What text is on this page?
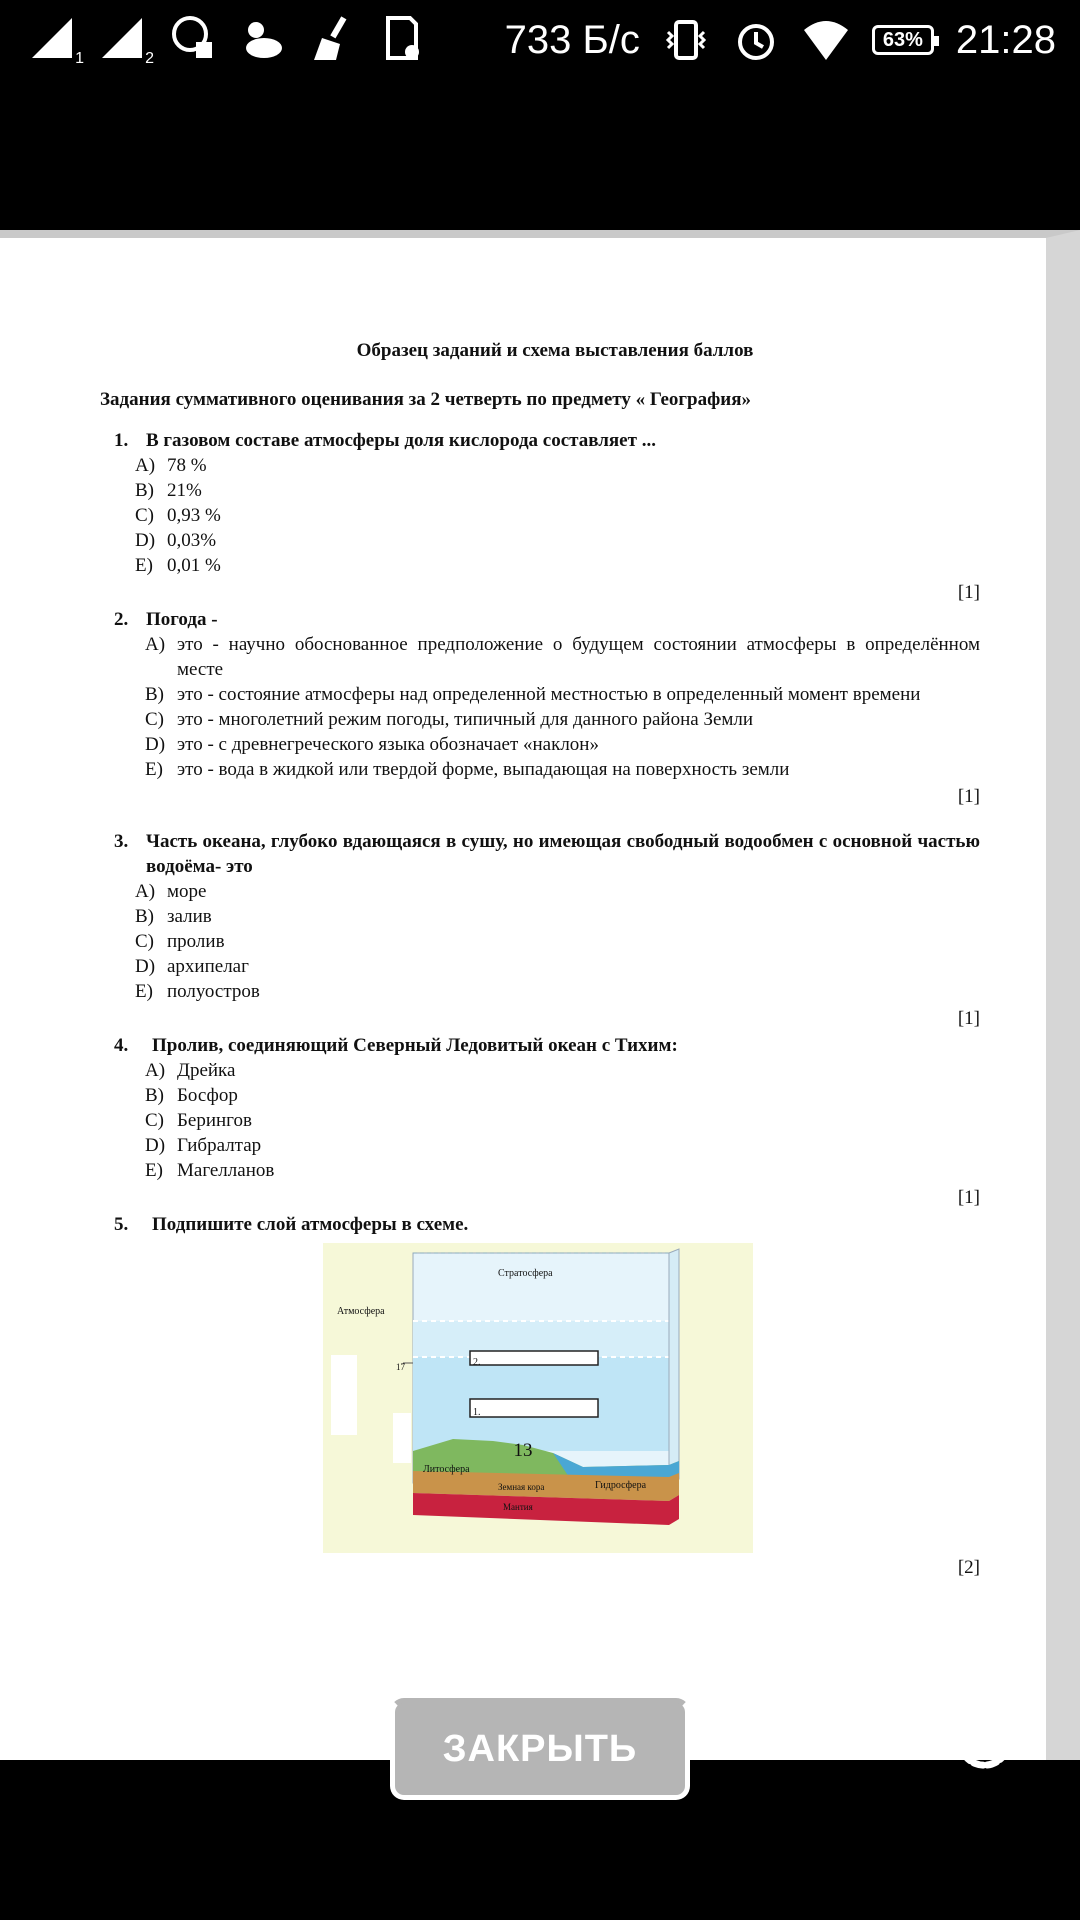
1	2	733 Б/с	63% 21:28
Образец заданий и схема выставления баллов
Задания суммативного оценивания за 2 четверть по предмету « География»
1. В газовом составе атмосферы доля кислорода составляет ...
A) 78 %
B) 21%
C) 0,93 %
D) 0,03%
E) 0,01 %
[1]
2. Погода -
A) это - научно обоснованное предположение о будущем состоянии атмосферы в определённом месте
B) это - состояние атмосферы над определенной местностью в определенный момент времени
C) это - многолетний режим погоды, типичный для данного района Земли
D) это - с древнегреческого языка обозначает «наклон»
E) это - вода в жидкой или твердой форме, выпадающая на поверхность земли
[1]
3. Часть океана, глубоко вдающаяся в сушу, но имеющая свободный водообмен с основной частью водоёма- это
A) море
B) залив
C) пролив
D) архипелаг
E) полуостров
[1]
4.	Пролив, соединяющий Северный Ледовитый океан с Тихим:
A) Дрейка
B) Босфор
C) Берингов
D) Гибралтар
E) Магелланов
[1]
5.	Подпишите слой атмосферы в схеме.
Стратосфера
Атмосфера
17	2.
1.
Литосфера
Земная кора	Гидросфера
Мантия
[2]
13
ЗАКРЫТЬ
